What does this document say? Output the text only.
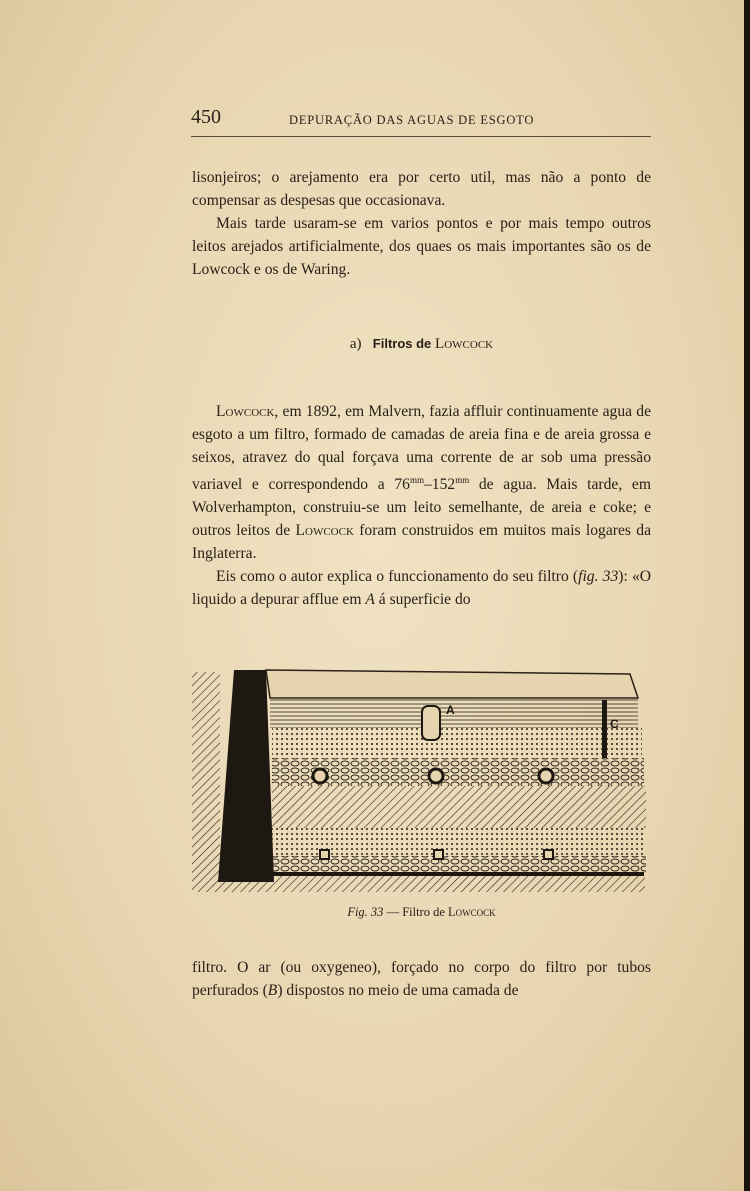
450	DEPURAÇÃO DAS AGUAS DE ESGOTO

lisonjeiros; o arejamento era por certo util, mas não a ponto de compensar as despesas que occasionava.

Mais tarde usaram-se em varios pontos e por mais tempo outros leitos arejados artificialmente, dos quaes os mais importantes são os de Lowcock e os de Waring.

a) Filtros de Lowcock

Lowcock, em 1892, em Malvern, fazia affluir continuamente agua de esgoto a um filtro, formado de camadas de areia fina e de areia grossa e seixos, atravez do qual forçava uma corrente de ar sob uma pressão variavel e correspondendo a $76^{mm}-152^{mm}$ de agua. Mais tarde, em Wolverhampton, construiu-se um leito semelhante, de areia e coke; e outros leitos de Lowcock foram construidos em muitos mais logares da Inglaterra.

Eis como o autor explica o funccionamento do seu filtro (fig. 33): «O liquido a depurar afflue em A á superficie do

A
C
Fig. 33 — Filtro de Lowcock

filtro. O ar (ou oxygeneo), forçado no corpo do filtro por tubos perfurados (B) dispostos no meio de uma camada de
